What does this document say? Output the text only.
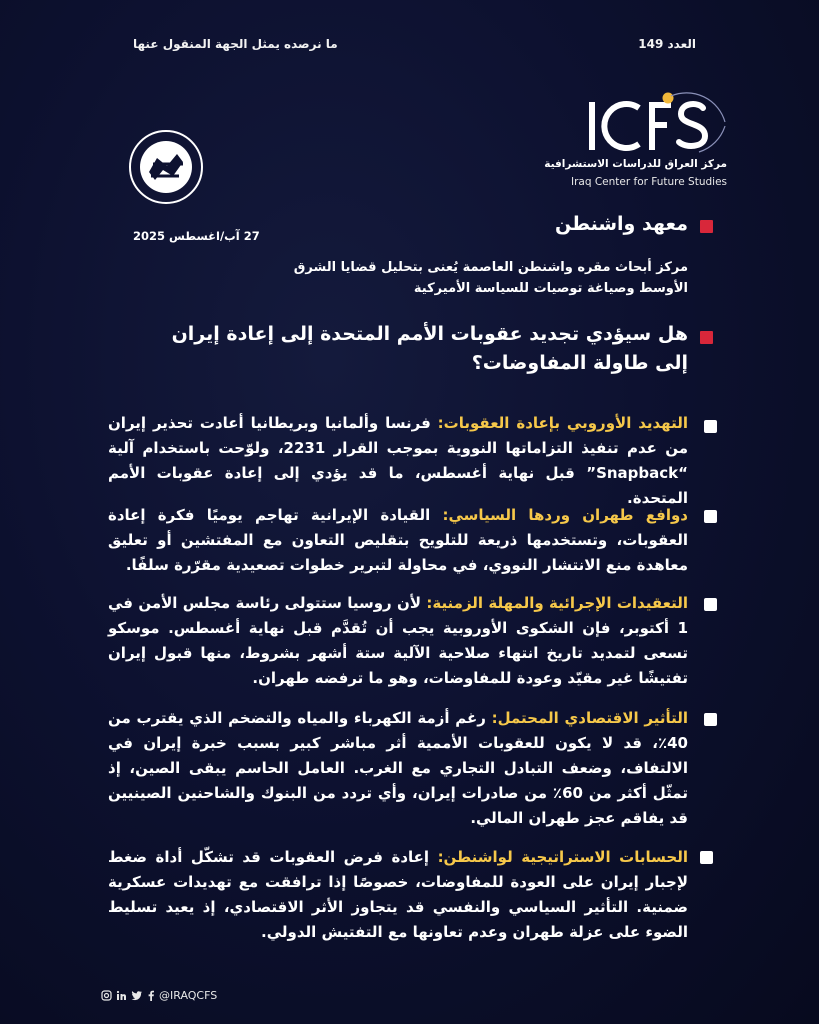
العدد 149
ما نرصده يمثل الجهة المنقول عنها
مركز العراق للدراسات الاستشرافية
Iraq Center for Future Studies
معهد واشنطن
27 آب/اغسطس 2025
مركز أبحاث مقره واشنطن العاصمة يُعنى بتحليل قضايا الشرق الأوسط وصياغة توصيات للسياسة الأميركية
هل سيؤدي تجديد عقوبات الأمم المتحدة إلى إعادة إيران إلى طاولة المفاوضات؟
التهديد الأوروبي بإعادة العقوبات: فرنسا وألمانيا وبريطانيا أعادت تحذير إيران من عدم تنفيذ التزاماتها النووية بموجب القرار 2231، ولوّحت باستخدام آلية “Snapback” قبل نهاية أغسطس، ما قد يؤدي إلى إعادة عقوبات الأمم المتحدة.
دوافع طهران وردها السياسي: القيادة الإيرانية تهاجم يوميًا فكرة إعادة العقوبات، وتستخدمها ذريعة للتلويح بتقليص التعاون مع المفتشين أو تعليق معاهدة منع الانتشار النووي، في محاولة لتبرير خطوات تصعيدية مقرّرة سلفًا.
التعقيدات الإجرائية والمهلة الزمنية: لأن روسيا ستتولى رئاسة مجلس الأمن في 1 أكتوبر، فإن الشكوى الأوروبية يجب أن تُقدَّم قبل نهاية أغسطس. موسكو تسعى لتمديد تاريخ انتهاء صلاحية الآلية ستة أشهر بشروط، منها قبول إيران تفتيشًا غير مقيّد وعودة للمفاوضات، وهو ما ترفضه طهران.
التأثير الاقتصادي المحتمل: رغم أزمة الكهرباء والمياه والتضخم الذي يقترب من 40٪، قد لا يكون للعقوبات الأممية أثر مباشر كبير بسبب خبرة إيران في الالتفاف، وضعف التبادل التجاري مع الغرب. العامل الحاسم يبقى الصين، إذ تمثّل أكثر من 60٪ من صادرات إيران، وأي تردد من البنوك والشاحنين الصينيين قد يفاقم عجز طهران المالي.
الحسابات الاستراتيجية لواشنطن: إعادة فرض العقوبات قد تشكّل أداة ضغط لإجبار إيران على العودة للمفاوضات، خصوصًا إذا ترافقت مع تهديدات عسكرية ضمنية. التأثير السياسي والنفسي قد يتجاوز الأثر الاقتصادي، إذ يعيد تسليط الضوء على عزلة طهران وعدم تعاونها مع التفتيش الدولي.
@IRAQCFS
